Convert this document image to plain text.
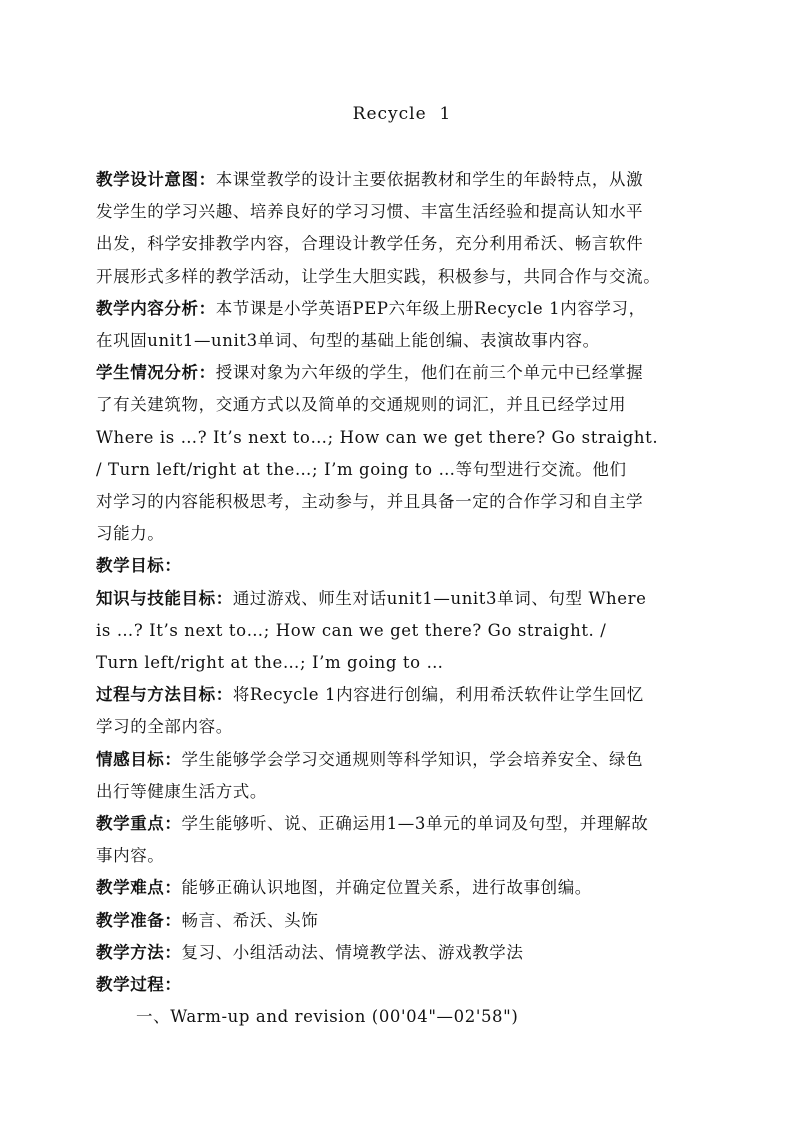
Recycle  1

教学设计意图：本课堂教学的设计主要依据教材和学生的年龄特点，从激
发学生的学习兴趣、培养良好的学习习惯、丰富生活经验和提高认知水平
出发，科学安排教学内容，合理设计教学任务，充分利用希沃、畅言软件
开展形式多样的教学活动，让学生大胆实践，积极参与，共同合作与交流。

教学内容分析：本节课是小学英语PEP六年级上册Recycle 1内容学习，
在巩固unit1—unit3单词、句型的基础上能创编、表演故事内容。

学生情况分析：授课对象为六年级的学生，他们在前三个单元中已经掌握
了有关建筑物，交通方式以及简单的交通规则的词汇，并且已经学过用
Where is …? It’s next to…; How can we get there? Go straight.
/ Turn left/right at the…; I’m going to …等句型进行交流。他们
对学习的内容能积极思考，主动参与，并且具备一定的合作学习和自主学
习能力。

教学目标：

知识与技能目标：通过游戏、师生对话unit1—unit3单词、句型 Where
is …? It’s next to…; How can we get there? Go straight. /
Turn left/right at the…; I’m going to …

过程与方法目标：将Recycle 1内容进行创编，利用希沃软件让学生回忆
学习的全部内容。

情感目标：学生能够学会学习交通规则等科学知识，学会培养安全、绿色
出行等健康生活方式。

教学重点：学生能够听、说、正确运用1—3单元的单词及句型，并理解故
事内容。

教学难点：能够正确认识地图，并确定位置关系，进行故事创编。

教学准备：畅言、希沃、头饰

教学方法：复习、小组活动法、情境教学法、游戏教学法

教学过程：

一、Warm-up and revision (00'04"—02'58")
